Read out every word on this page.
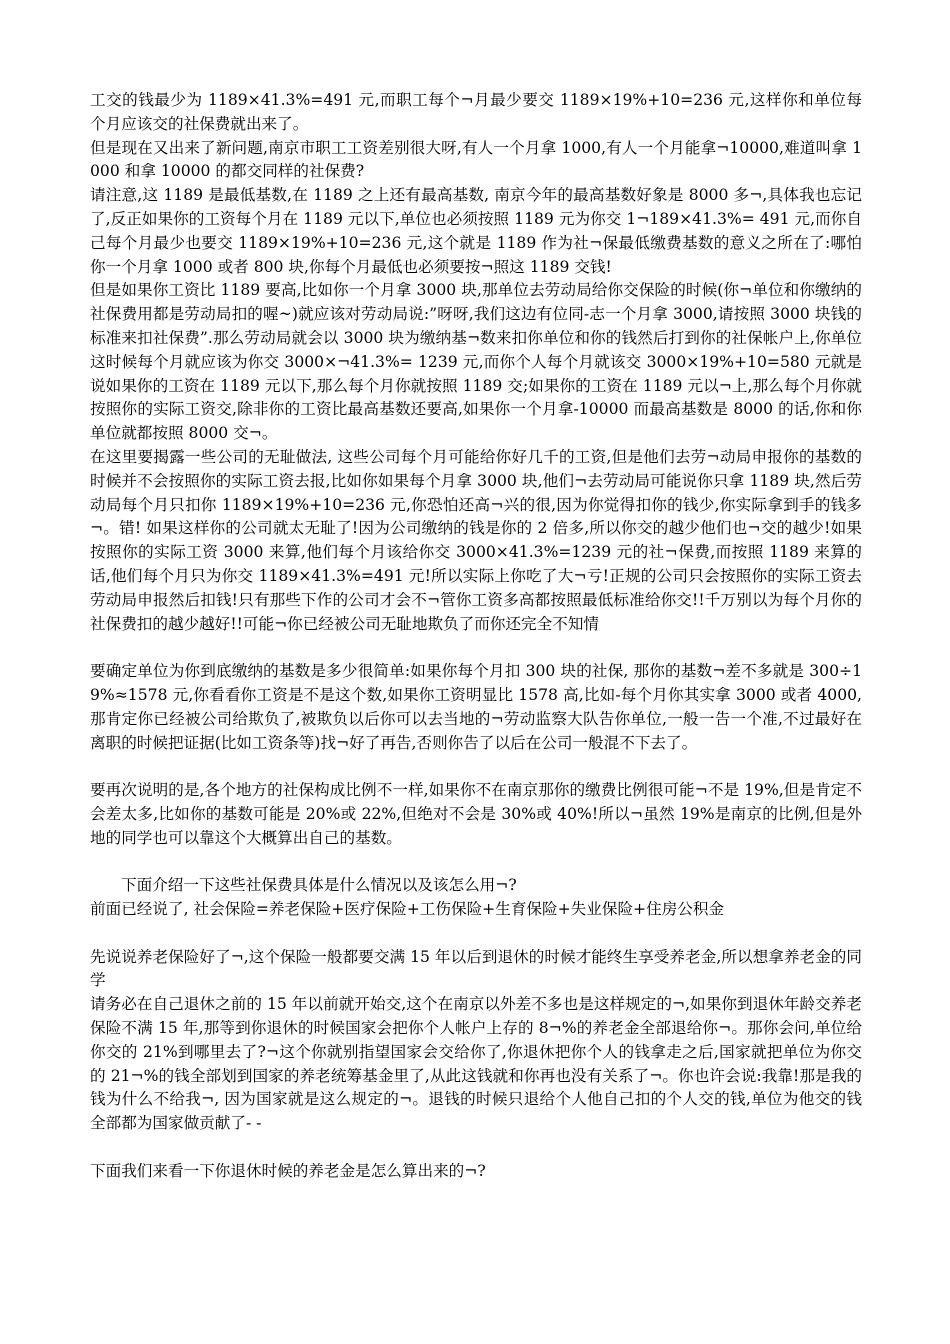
工交的钱最少为 1189×41.3%=491 元,而职工每个¬月最少要交 1189×19%+10=236 元,这样你和单位每个月应该交的社保费就出来了。

但是现在又出来了新问题,南京市职工工资差别很大呀,有人一个月拿 1000,有人一个月能拿¬10000,难道叫拿 1000 和拿 10000 的都交同样的社保费?

请注意,这 1189 是最低基数,在 1189 之上还有最高基数, 南京今年的最高基数好象是 8000 多¬,具体我也忘记了,反正如果你的工资每个月在 1189 元以下,单位也必须按照 1189 元为你交 1¬189×41.3%= 491 元,而你自己每个月最少也要交 1189×19%+10=236 元,这个就是 1189 作为社¬保最低缴费基数的意义之所在了:哪怕你一个月拿 1000 或者 800 块,你每个月最低也必须要按¬照这 1189 交钱!

但是如果你工资比 1189 要高,比如你一个月拿 3000 块,那单位去劳动局给你交保险的时候(你¬单位和你缴纳的社保费用都是劳动局扣的喔~)就应该对劳动局说:”呀呀,我们这边有位同-志一个月拿 3000,请按照 3000 块钱的标准来扣社保费”.那么劳动局就会以 3000 块为缴纳基¬数来扣你单位和你的钱然后打到你的社保帐户上,你单位这时候每个月就应该为你交 3000×¬41.3%= 1239 元,而你个人每个月就该交 3000×19%+10=580 元就是说如果你的工资在 1189 元以下,那么每个月你就按照 1189 交;如果你的工资在 1189 元以¬上,那么每个月你就按照你的实际工资交,除非你的工资比最高基数还要高,如果你一个月拿-10000 而最高基数是 8000 的话,你和你单位就都按照 8000 交¬。

在这里要揭露一些公司的无耻做法, 这些公司每个月可能给你好几千的工资,但是他们去劳¬动局申报你的基数的时候并不会按照你的实际工资去报,比如你如果每个月拿 3000 块,他们¬去劳动局可能说你只拿 1189 块,然后劳动局每个月只扣你 1189×19%+10=236 元,你恐怕还高¬兴的很,因为你觉得扣你的钱少,你实际拿到手的钱多¬。错! 如果这样你的公司就太无耻了!因为公司缴纳的钱是你的 2 倍多,所以你交的越少他们也¬交的越少!如果按照你的实际工资 3000 来算,他们每个月该给你交 3000×41.3%=1239 元的社¬保费,而按照 1189 来算的话,他们每个月只为你交 1189×41.3%=491 元!所以实际上你吃了大¬亏!正规的公司只会按照你的实际工资去劳动局申报然后扣钱!只有那些下作的公司才会不¬管你工资多高都按照最低标准给你交!!千万别以为每个月你的社保费扣的越少越好!!可能¬你已经被公司无耻地欺负了而你还完全不知情

要确定单位为你到底缴纳的基数是多少很简单:如果你每个月扣 300 块的社保, 那你的基数¬差不多就是 300÷19%≈1578 元,你看看你工资是不是这个数,如果你工资明显比 1578 高,比如-每个月你其实拿 3000 或者 4000,那肯定你已经被公司给欺负了,被欺负以后你可以去当地的¬劳动监察大队告你单位,一般一告一个准,不过最好在离职的时候把证据(比如工资条等)找¬好了再告,否则你告了以后在公司一般混不下去了。

要再次说明的是,各个地方的社保构成比例不一样,如果你不在南京那你的缴费比例很可能¬不是 19%,但是肯定不会差太多,比如你的基数可能是 20%或 22%,但绝对不会是 30%或 40%!所以¬虽然 19%是南京的比例,但是外地的同学也可以靠这个大概算出自己的基数。

下面介绍一下这些社保费具体是什么情况以及该怎么用¬?

前面已经说了, 社会保险=养老保险+医疗保险+工伤保险+生育保险+失业保险+住房公积金

先说说养老保险好了¬,这个保险一般都要交满 15 年以后到退休的时候才能终生享受养老金,所以想拿养老金的同学

请务必在自己退休之前的 15 年以前就开始交,这个在南京以外差不多也是这样规定的¬,如果你到退休年龄交养老保险不满 15 年,那等到你退休的时候国家会把你个人帐户上存的 8¬%的养老金全部退给你¬。那你会问,单位给你交的 21%到哪里去了?¬这个你就别指望国家会交给你了,你退休把你个人的钱拿走之后,国家就把单位为你交的 21¬%的钱全部划到国家的养老统筹基金里了,从此这钱就和你再也没有关系了¬。你也许会说:我靠!那是我的钱为什么不给我¬, 因为国家就是这么规定的¬。退钱的时候只退给个人他自己扣的个人交的钱,单位为他交的钱全部都为国家做贡献了- -

下面我们来看一下你退休时候的养老金是怎么算出来的¬?
